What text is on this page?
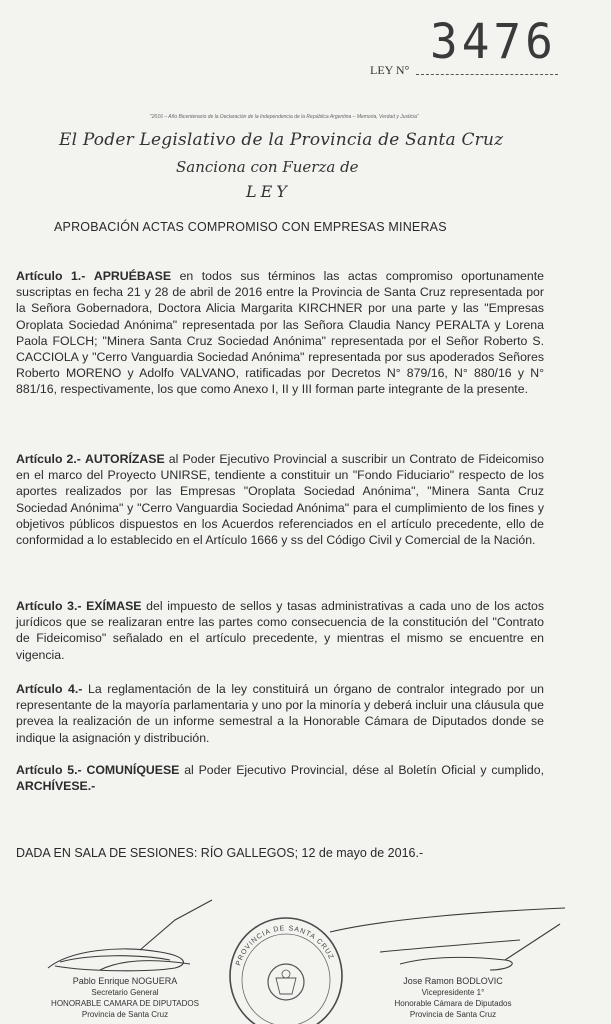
3476
LEY N°
"2016 – Año Bicentenario de la Declaración de la Independencia de la República Argentina – Memoria, Verdad y Justicia"
El Poder Legislativo de la Provincia de Santa Cruz
Sanciona con Fuerza de
LEY
APROBACIÓN ACTAS COMPROMISO CON EMPRESAS MINERAS
Artículo 1.- APRUÉBASE en todos sus términos las actas compromiso oportunamente suscriptas en fecha 21 y 28 de abril de 2016 entre la Provincia de Santa Cruz representada por la Señora Gobernadora, Doctora Alicia Margarita KIRCHNER por una parte y las "Empresas Oroplata Sociedad Anónima" representada por las Señora Claudia Nancy PERALTA y Lorena Paola FOLCH; "Minera Santa Cruz Sociedad Anónima" representada por el Señor Roberto S. CACCIOLA y "Cerro Vanguardia Sociedad Anónima" representada por sus apoderados Señores Roberto MORENO y Adolfo VALVANO, ratificadas por Decretos N° 879/16, N° 880/16 y N° 881/16, respectivamente, los que como Anexo I, II y III forman parte integrante de la presente.
Artículo 2.- AUTORÍZASE al Poder Ejecutivo Provincial a suscribir un Contrato de Fideicomiso en el marco del Proyecto UNIRSE, tendiente a constituir un "Fondo Fiduciario" respecto de los aportes realizados por las Empresas "Oroplata Sociedad Anónima", "Minera Santa Cruz Sociedad Anónima" y "Cerro Vanguardia Sociedad Anónima" para el cumplimiento de los fines y objetivos públicos dispuestos en los Acuerdos referenciados en el artículo precedente, ello de conformidad a lo establecido en el Artículo 1666 y ss del Código Civil y Comercial de la Nación.
Artículo 3.- EXÍMASE del impuesto de sellos y tasas administrativas a cada uno de los actos jurídicos que se realizaran entre las partes como consecuencia de la constitución del "Contrato de Fideicomiso" señalado en el artículo precedente, y mientras el mismo se encuentre en vigencia.
Artículo 4.- La reglamentación de la ley constituirá un órgano de contralor integrado por un representante de la mayoría parlamentaria y uno por la minoría y deberá incluir una cláusula que prevea la realización de un informe semestral a la Honorable Cámara de Diputados donde se indique la asignación y distribución.
Artículo 5.- COMUNÍQUESE al Poder Ejecutivo Provincial, dése al Boletín Oficial y cumplido, ARCHÍVESE.-
DADA EN SALA DE SESIONES: RÍO GALLEGOS; 12 de mayo de 2016.-
PROVINCIA DE SANTA CRUZ
Pablo Enrique NOGUERA
Secretario General
HONORABLE CAMARA DE DIPUTADOS
Provincia de Santa Cruz
Jose Ramon BODLOVIC
Vicepresidente 1°
Honorable Cámara de Diputados
Provincia de Santa Cruz
